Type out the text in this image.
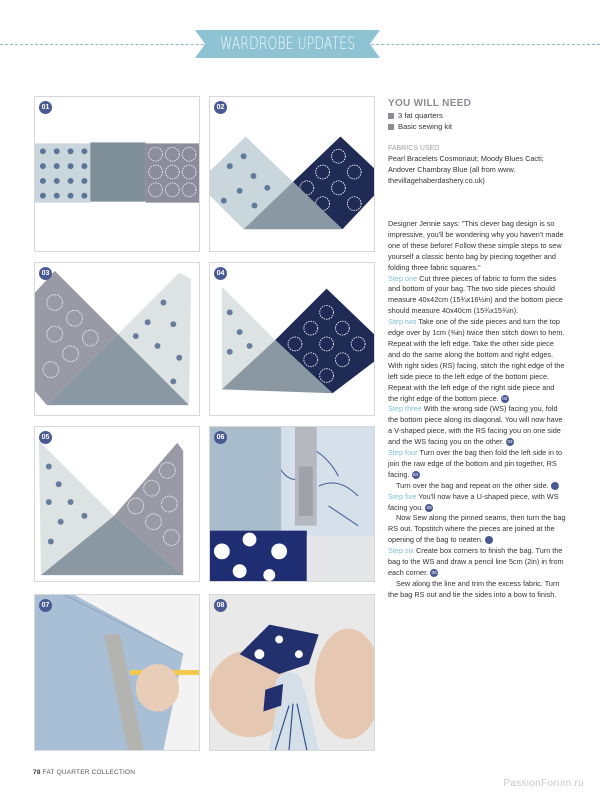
WARDROBE UPDATES
01	02
03	04
05	06
07	08
YOU WILL NEED
3 fat quarters
Basic sewing kit
FABRICS USED
Pearl Bracelets Cosmonaut; Moody Blues Cacti; Andover Chambray Blue (all from www. thevillagehaberdashery.co.uk)

Designer Jennie says: "This clever bag design is so impressive, you'll be wondering why you haven't made one of these before! Follow these simple steps to sew yourself a classic bento bag by piecing together and folding three fabric squares."

Step one Cut three pieces of fabric to form the sides and bottom of your bag. The two side pieces should measure 40x42cm (15¾x16½in) and the bottom piece should measure 40x40cm (15¾x15¾in).

Step two Take one of the side pieces and turn the top edge over by 1cm (⅜in) twice then stitch down to hem. Repeat with the left edge. Take the other side piece and do the same along the bottom and right edges. With right sides (RS) facing, stitch the right edge of the left side piece to the left edge of the bottom piece. Repeat with the left edge of the right side piece and the right edge of the bottom piece. 02

Step three With the wrong side (WS) facing you, fold the bottom piece along its diagonal. You will now have a V-shaped piece, with the RS facing you on one side and the WS facing you on the other. 03

Step four Turn over the bag then fold the left side in to join the raw edge of the bottom and pin together, RS facing. 04

Turn over the bag and repeat on the other side. 05

Step five You'll now have a U-shaped piece, with WS facing you. 06

Now Sew along the pinned seams, then turn the bag RS out. Topstitch where the pieces are joined at the opening of the bag to neaten. 07

Step six Create box corners to finish the bag. Turn the bag to the WS and draw a pencil line 5cm (2in) in from each corner. 08

Sew along the line and trim the excess fabric. Turn the bag RS out and tie the sides into a bow to finish.

78 FAT QUARTER COLLECTION
PassionForum.ru
